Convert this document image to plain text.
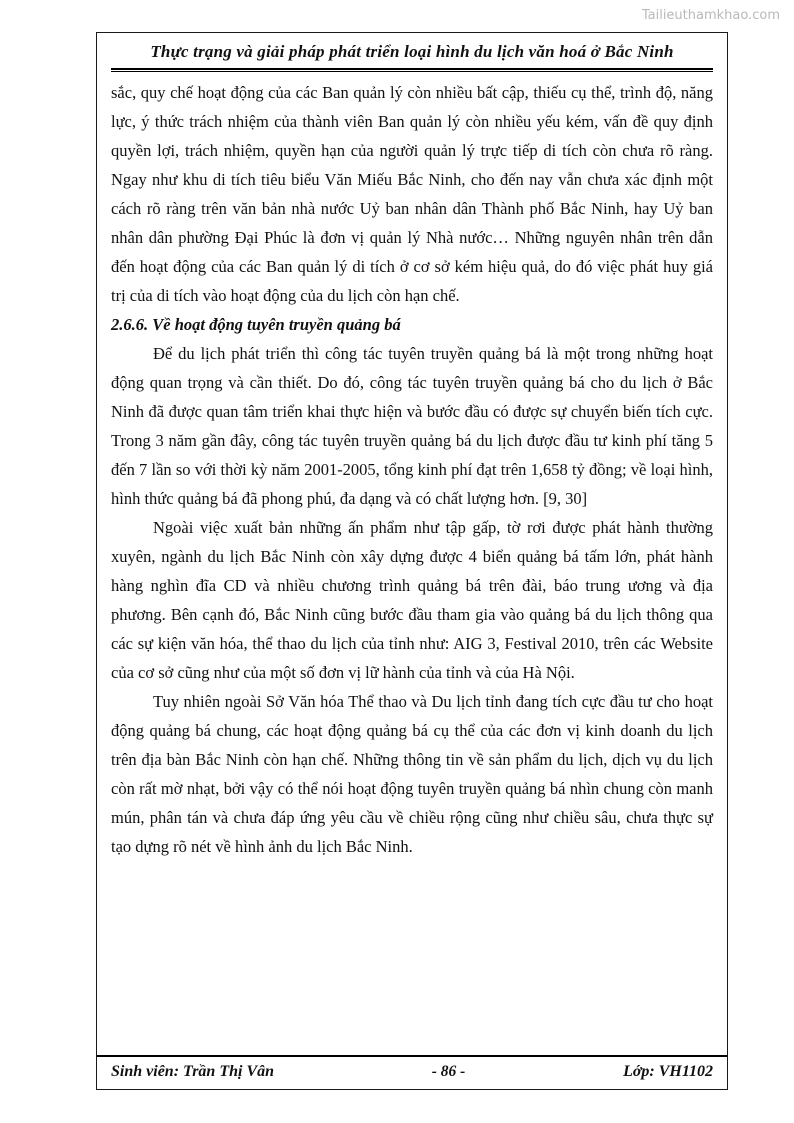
Tailieuthamkhao.com
Thực trạng và giải pháp phát triển loại hình du lịch văn hoá ở Bắc Ninh

sắc, quy chế hoạt động của các Ban quản lý còn nhiều bất cập, thiếu cụ thể, trình độ, năng lực, ý thức trách nhiệm của thành viên Ban quản lý còn nhiều yếu kém, vấn đề quy định quyền lợi, trách nhiệm, quyền hạn của người quản lý trực tiếp di tích còn chưa rõ ràng. Ngay như khu di tích tiêu biểu Văn Miếu Bắc Ninh, cho đến nay vẫn chưa xác định một cách rõ ràng trên văn bản nhà nước Uỷ ban nhân dân Thành phố Bắc Ninh, hay Uỷ ban nhân dân phường Đại Phúc là đơn vị quản lý Nhà nước… Những nguyên nhân trên dẫn đến hoạt động của các Ban quản lý di tích ở cơ sở kém hiệu quả, do đó việc phát huy giá trị của di tích vào hoạt động của du lịch còn hạn chế.

2.6.6. Về hoạt động tuyên truyền quảng bá

Để du lịch phát triển thì công tác tuyên truyền quảng bá là một trong những hoạt động quan trọng và cần thiết. Do đó, công tác tuyên truyền quảng bá cho du lịch ở Bắc Ninh đã được quan tâm triển khai thực hiện và bước đầu có được sự chuyển biến tích cực. Trong 3 năm gần đây, công tác tuyên truyền quảng bá du lịch được đầu tư kinh phí tăng 5 đến 7 lần so với thời kỳ năm 2001-2005, tổng kinh phí đạt trên 1,658 tỷ đồng; về loại hình, hình thức quảng bá đã phong phú, đa dạng và có chất lượng hơn. [9, 30]

Ngoài việc xuất bản những ấn phẩm như tập gấp, tờ rơi được phát hành thường xuyên, ngành du lịch Bắc Ninh còn xây dựng được 4 biển quảng bá tấm lớn, phát hành hàng nghìn đĩa CD và nhiều chương trình quảng bá trên đài, báo trung ương và địa phương. Bên cạnh đó, Bắc Ninh cũng bước đầu tham gia vào quảng bá du lịch thông qua các sự kiện văn hóa, thể thao du lịch của tỉnh như: AIG 3, Festival 2010, trên các Website của cơ sở cũng như của một số đơn vị lữ hành của tỉnh và của Hà Nội.

Tuy nhiên ngoài Sở Văn hóa Thể thao và Du lịch tỉnh đang tích cực đầu tư cho hoạt động quảng bá chung, các hoạt động quảng bá cụ thể của các đơn vị kinh doanh du lịch trên địa bàn Bắc Ninh còn hạn chế. Những thông tin về sản phẩm du lịch, dịch vụ du lịch còn rất mờ nhạt, bởi vậy có thể nói hoạt động tuyên truyền quảng bá nhìn chung còn manh mún, phân tán và chưa đáp ứng yêu cầu về chiều rộng cũng như chiều sâu, chưa thực sự tạo dựng rõ nét về hình ảnh du lịch Bắc Ninh.

Sinh viên: Trần Thị Vân	- 86 -	Lớp: VH1102
